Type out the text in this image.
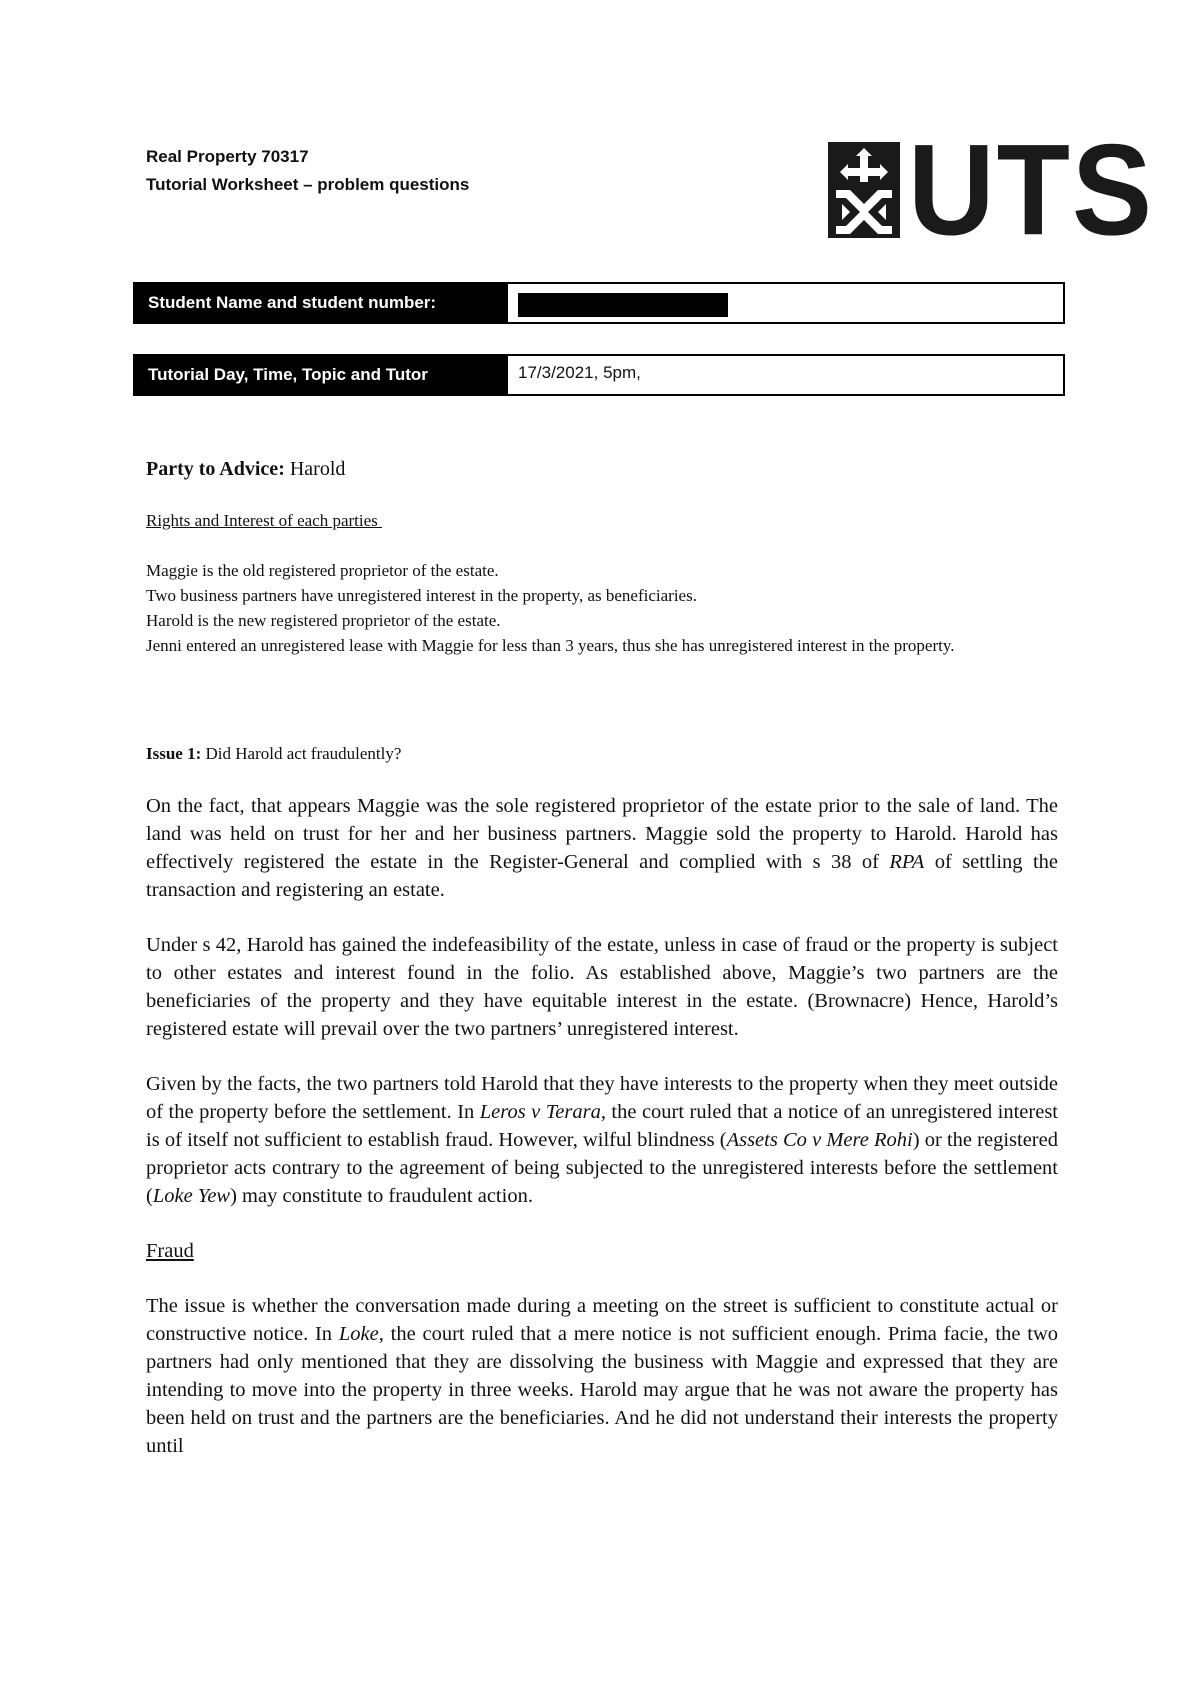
Real Property 70317
Tutorial Worksheet – problem questions	UTS
Student Name and student number:
Tutorial Day, Time, Topic and Tutor	17/3/2021, 5pm,
Party to Advice: Harold

Rights and Interest of each parties

Maggie is the old registered proprietor of the estate.

Two business partners have unregistered interest in the property, as beneficiaries.

Harold is the new registered proprietor of the estate.

Jenni entered an unregistered lease with Maggie for less than 3 years, thus she has unregistered interest in the property.

Issue 1: Did Harold act fraudulently?

On the fact, that appears Maggie was the sole registered proprietor of the estate prior to the sale of land. The land was held on trust for her and her business partners. Maggie sold the property to Harold. Harold has effectively registered the estate in the Register-General and complied with s 38 of RPA of settling the transaction and registering an estate.

Under s 42, Harold has gained the indefeasibility of the estate, unless in case of fraud or the property is subject to other estates and interest found in the folio. As established above, Maggie’s two partners are the beneficiaries of the property and they have equitable interest in the estate. (Brownacre) Hence, Harold’s registered estate will prevail over the two partners’ unregistered interest.

Given by the facts, the two partners told Harold that they have interests to the property when they meet outside of the property before the settlement. In Leros v Terara, the court ruled that a notice of an unregistered interest is of itself not sufficient to establish fraud. However, wilful blindness (Assets Co v Mere Rohi) or the registered proprietor acts contrary to the agreement of being subjected to the unregistered interests before the settlement (Loke Yew) may constitute to fraudulent action.

Fraud

The issue is whether the conversation made during a meeting on the street is sufficient to constitute actual or constructive notice. In Loke, the court ruled that a mere notice is not sufficient enough. Prima facie, the two partners had only mentioned that they are dissolving the business with Maggie and expressed that they are intending to move into the property in three weeks. Harold may argue that he was not aware the property has been held on trust and the partners are the beneficiaries. And he did not understand their interests the property until
